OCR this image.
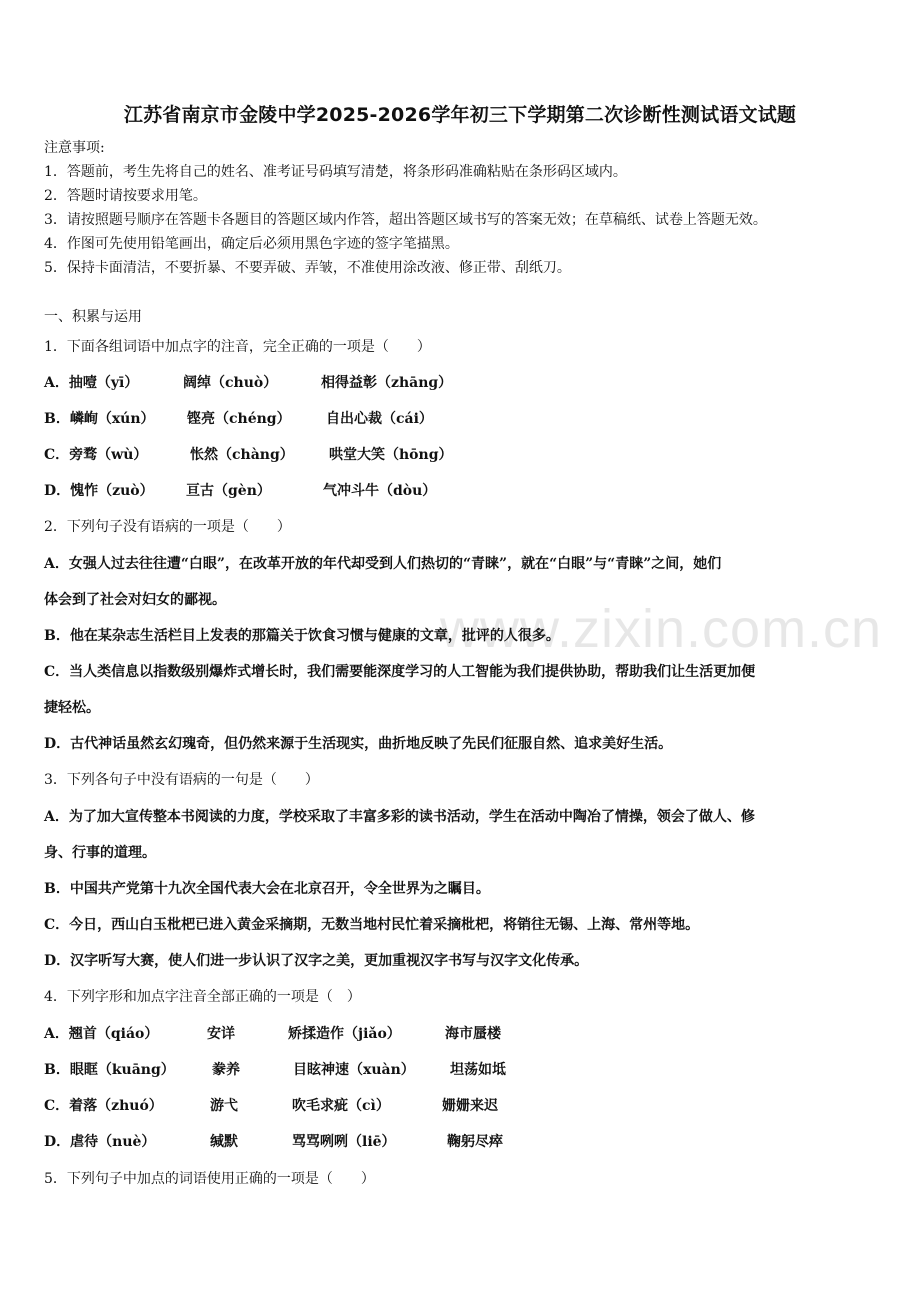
江苏省南京市金陵中学2025-2026学年初三下学期第二次诊断性测试语文试题
www.zixin.com.cn
注意事项:
1．答题前，考生先将自己的姓名、准考证号码填写清楚，将条形码准确粘贴在条形码区域内。
2．答题时请按要求用笔。
3．请按照题号顺序在答题卡各题目的答题区域内作答，超出答题区域书写的答案无效；在草稿纸、试卷上答题无效。
4．作图可先使用铅笔画出，确定后必须用黑色字迹的签字笔描黑。
5．保持卡面清洁，不要折暴、不要弄破、弄皱，不准使用涂改液、修正带、刮纸刀。
一、积累与运用
1．下面各组词语中加点字的注音，完全正确的一项是（　　）
A．抽噎（yī）	阔绰（chuò）	相得益彰（zhānɡ）
B．嶙峋（xún） 铿亮（chéng）	自出心裁（cái）
C．旁骛（wù）	怅然（chàng）	哄堂大笑（hōng）
D．愧怍（zuò） 亘古（gèn）	气冲斗牛（dòu）
2．下列句子没有语病的一项是（　　）
A．女强人过去往往遭“白眼”，在改革开放的年代却受到人们热切的“青睐”，就在“白眼”与“青睐”之间，她们
体会到了社会对妇女的鄙视。
B．他在某杂志生活栏目上发表的那篇关于饮食习惯与健康的文章，批评的人很多。
C．当人类信息以指数级别爆炸式增长时，我们需要能深度学习的人工智能为我们提供协助，帮助我们让生活更加便
捷轻松。
D．古代神话虽然玄幻瑰奇，但仍然来源于生活现实，曲折地反映了先民们征服自然、追求美好生活。
3．下列各句子中没有语病的一句是（　　）
A．为了加大宣传整本书阅读的力度，学校采取了丰富多彩的读书活动，学生在活动中陶冶了情操，领会了做人、修
身、行事的道理。
B．中国共产党第十九次全国代表大会在北京召开，令全世界为之瞩目。
C．今日，西山白玉枇杷已进入黄金采摘期，无数当地村民忙着采摘枇杷，将销往无锡、上海、常州等地。
D．汉字听写大赛，使人们进一步认识了汉字之美，更加重视汉字书写与汉字文化传承。
4．下列字形和加点字注音全部正确的一项是（　）
A．翘首（qiáo）	安详	矫揉造作（jiǎo）	海市蜃楼
B．眼眶（kuāng）	豢养	目眩神速（xuàn）	坦荡如坻
C．着落（zhuó）	游弋	吹毛求疵（cì）	姗姗来迟
D．虐待（nuè）	缄默	骂骂咧咧（liē）	鞠躬尽瘁
5．下列句子中加点的词语使用正确的一项是（　　）
